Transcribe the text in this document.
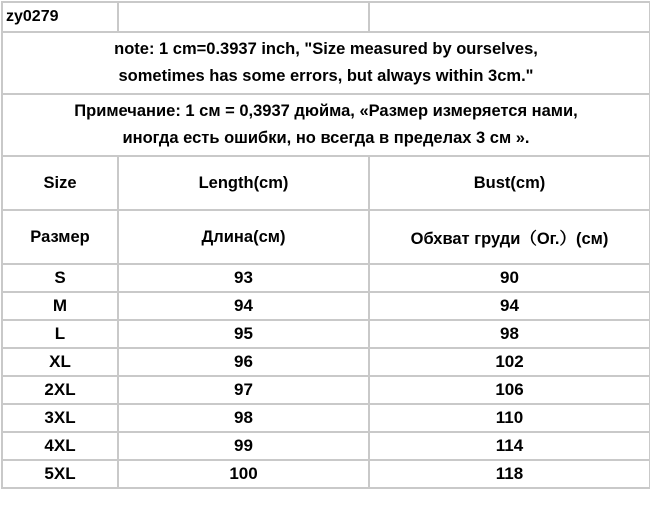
zy0279		

note: 1 cm=0.3937 inch, "Size measured by ourselves,
sometimes has some errors, but always within 3cm."		

Примечание: 1 см = 0,3937 дюйма, «Размер измеряется нами,
иногда есть ошибки, но всегда в пределах 3 см ».		

Size	Length(cm)	Bust(cm)
Размер	Длина(см)	Обхват груди（Ог.）(см)
S	93	90
M	94	94
L	95	98
XL	96	102
2XL	97	106
3XL	98	110
4XL	99	114
5XL	100	118
